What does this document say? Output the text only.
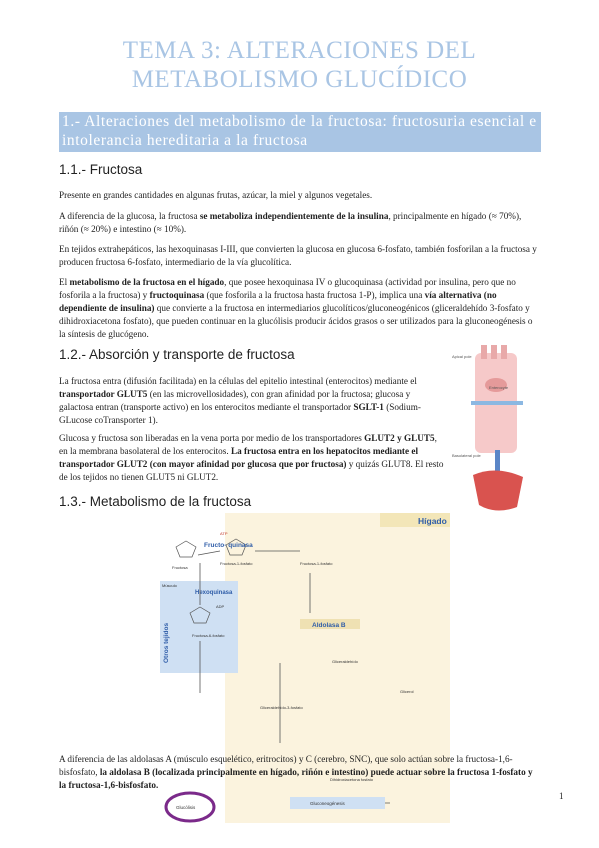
TEMA 3: ALTERACIONES DEL METABOLISMO GLUCÍDICO
1.- Alteraciones del metabolismo de la fructosa: fructosuria esencial e intolerancia hereditaria a la fructosa
1.1.- Fructosa

Presente en grandes cantidades en algunas frutas, azúcar, la miel y algunos vegetales.

A diferencia de la glucosa, la fructosa se metaboliza independientemente de la insulina, principalmente en hígado (≈ 70%), riñón (≈ 20%) e intestino (≈ 10%).

En tejidos extrahepáticos, las hexoquinasas I-III, que convierten la glucosa en glucosa 6-fosfato, también fosforilan a la fructosa y producen fructosa 6-fosfato, intermediario de la vía glucolítica.

El metabolismo de la fructosa en el hígado, que posee hexoquinasa IV o glucoquinasa (actividad por insulina, pero que no fosforila a la fructosa) y fructoquinasa (que fosforila a la fructosa hasta fructosa 1-P), implica una vía alternativa (no dependiente de insulina) que convierte a la fructosa en intermediarios glucolíticos/gluconeogénicos (gliceraldehído 3-fosfato y dihidroxiacetona fosfato), que pueden continuar en la glucólisis producir ácidos grasos o ser utilizados para la gluconeogénesis o la síntesis de glucógeno.

1.2.- Absorción y transporte de fructosa

La fructosa entra (difusión facilitada) en la células del epitelio intestinal (enterocitos) mediante el transportador GLUT5 (en las microvellosidades), con gran afinidad por la fructosa; glucosa y galactosa entran (transporte activo) en los enterocitos mediante el transportador SGLT-1 (Sodium-GLucose coTransporter 1).

Glucosa y fructosa son liberadas en la vena porta por medio de los transportadores GLUT2 y GLUT5, en la membrana basolateral de los enterocitos. La fructosa entra en los hepatocitos mediante el transportador GLUT2 (con mayor afinidad por glucosa que por fructosa) y quizás GLUT8. El resto de los tejidos no tienen GLUT5 ni GLUT2.

Apical pole
Enterocyte
Basolateral pole
1.3.- Metabolismo de la fructosa
Hígado
Hexoquinasa
Músculo
Otros tejidos
Fructosa
Fructosa-1-fosfato
Fructosa-6-fosfato
Fructo- quinasa
ATP
ADP
Aldolasa B
Fructosa-1-fosfato
Gliceraldehído
Glicerol
Dihidroxiacetona fosfato
Gliceraldehído-3-fosfato
Glucólisis
Gluconeogénesis

A diferencia de las aldolasas A (músculo esquelético, eritrocitos) y C (cerebro, SNC), que solo actúan sobre la fructosa-1,6-bisfosfato, la aldolasa B (localizada principalmente en hígado, riñón e intestino) puede actuar sobre la fructosa 1-fosfato y la fructosa-1,6-bisfosfato.

1
